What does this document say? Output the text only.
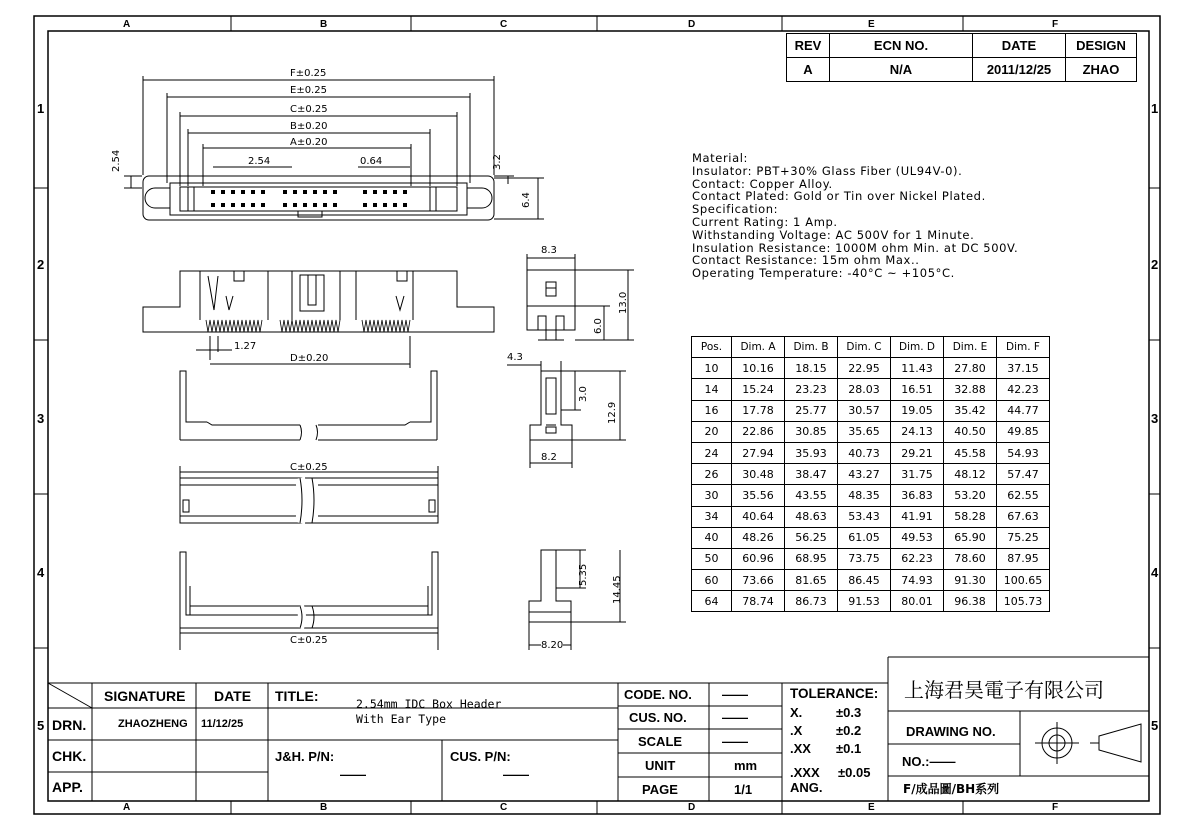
A	B	C	D	E	F
A	B	C	D	E	F
1
2
3
4
5
1
2
3
4
5
REV	ECN NO.	DATE	DESIGN
A	N/A	2011/12/25	ZHAO
Material:
Insulator: PBT+30% Glass Fiber (UL94V-0).
Contact: Copper Alloy.
Contact Plated: Gold or Tin over Nickel Plated.
Specification:
Current Rating: 1 Amp.
Withstanding Voltage: AC 500V for 1 Minute.
Insulation Resistance: 1000M ohm Min. at DC 500V.
Contact Resistance: 15m ohm Max..
Operating Temperature: -40°C ~ +105°C.
Pos.	Dim. A	Dim. B	Dim. C	Dim. D	Dim. E	Dim. F
10	10.16	18.15	22.95	11.43	27.80	37.15
14	15.24	23.23	28.03	16.51	32.88	42.23
16	17.78	25.77	30.57	19.05	35.42	44.77
20	22.86	30.85	35.65	24.13	40.50	49.85
24	27.94	35.93	40.73	29.21	45.58	54.93
26	30.48	38.47	43.27	31.75	48.12	57.47
30	35.56	43.55	48.35	36.83	53.20	62.55
34	40.64	48.63	53.43	41.91	58.28	67.63
40	48.26	56.25	61.05	49.53	65.90	75.25
50	60.96	68.95	73.75	62.23	78.60	87.95
60	73.66	81.65	86.45	74.93	91.30	100.65
64	78.74	86.73	91.53	80.01	96.38	105.73
F±0.25
E±0.25
C±0.25
B±0.20
A±0.20
2.54	0.64
2.54	3.2
6.4
1.27
D±0.20
8.3
13.0
6.0
4.3
3.0
12.9
8.2
C±0.25
C±0.25
5.35
14.45
8.20
SIGNATURE DATE TITLE:	2.54mm IDC Box Header
With Ear Type
DRN.	ZHAOZHENG 11/12/25
CHK.
APP.
J&H. P/N:
——
CUS. P/N:
——
CODE. NO. ——
CUS. NO.	——
SCALE	——
UNIT	mm
PAGE	1/1
TOLERANCE:
X.	±0.3
.X	±0.2
.XX ±0.1
.XXX ±0.05
ANG.
上海君昊電子有限公司
DRAWING NO.
NO.:——
F/成品圖/BH系列
